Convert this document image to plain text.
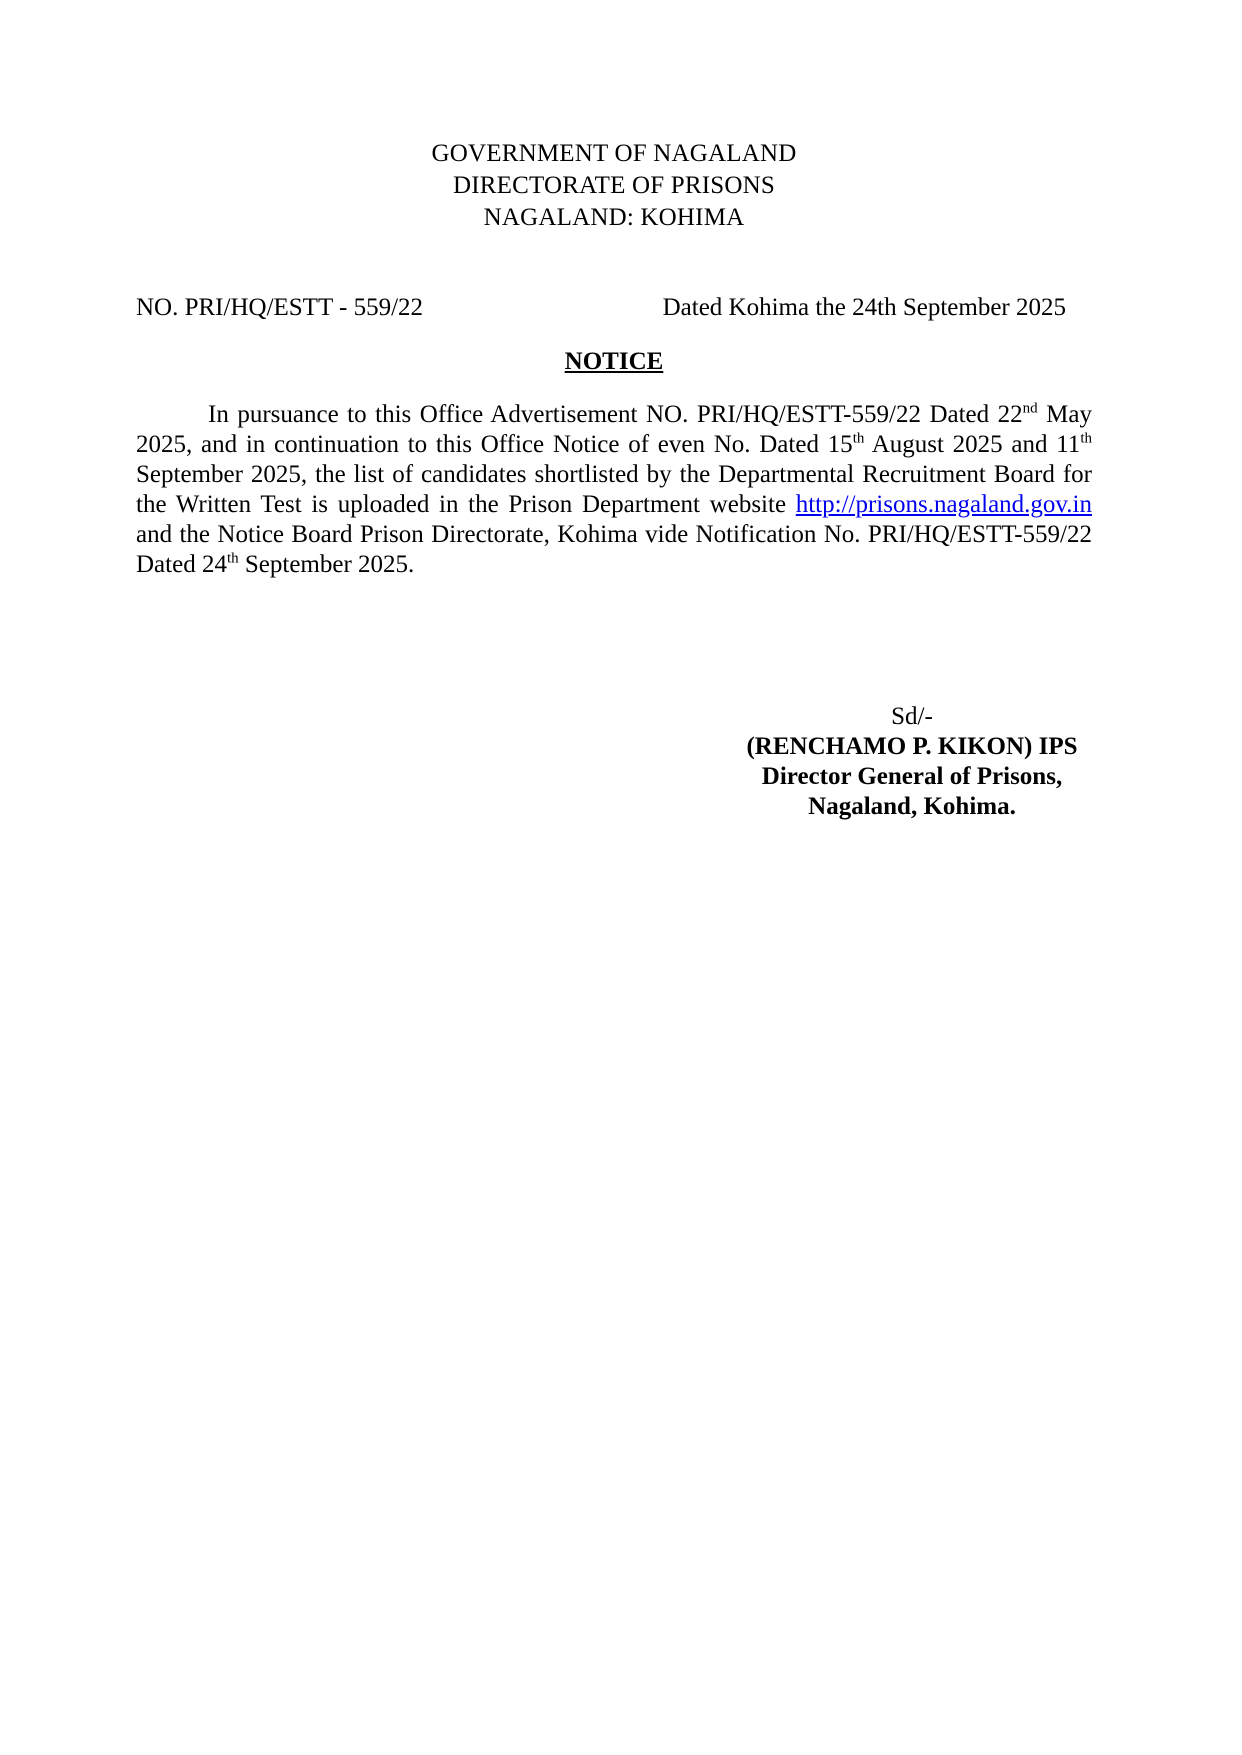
GOVERNMENT OF NAGALAND
DIRECTORATE OF PRISONS
NAGALAND: KOHIMA
NO. PRI/HQ/ESTT - 559/22	Dated Kohima the 24th September 2025
NOTICE

In pursuance to this Office Advertisement NO. PRI/HQ/ESTT-559/22 Dated 22nd May 2025, and in continuation to this Office Notice of even No. Dated 15th August 2025 and 11th September 2025, the list of candidates shortlisted by the Departmental Recruitment Board for the Written Test is uploaded in the Prison Department website http://prisons.nagaland.gov.in and the Notice Board Prison Directorate, Kohima vide Notification No. PRI/HQ/ESTT-559/22 Dated 24th September 2025.

Sd/-
(RENCHAMO P. KIKON) IPS
Director General of Prisons,
Nagaland, Kohima.
